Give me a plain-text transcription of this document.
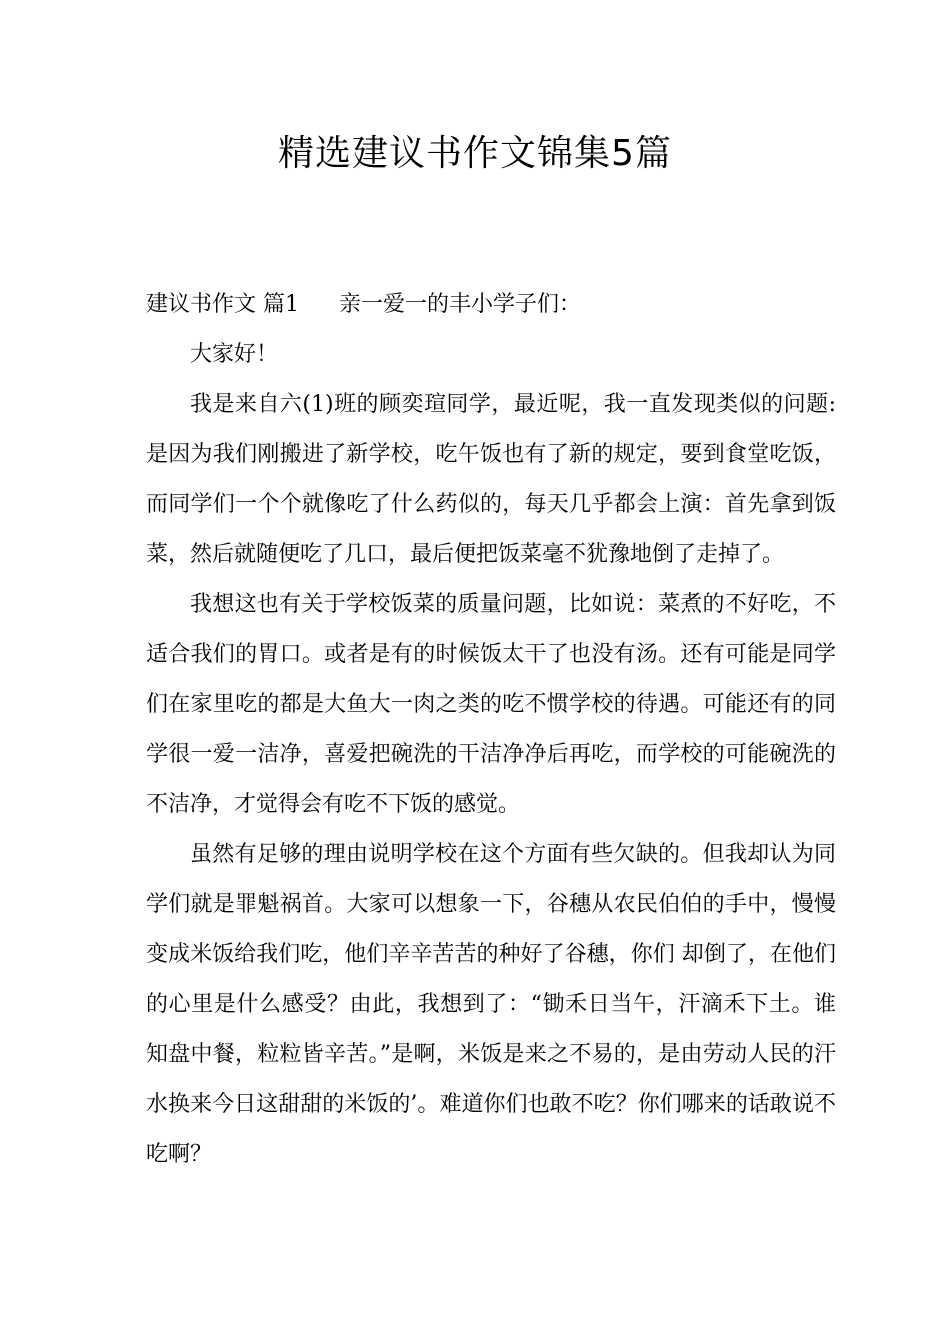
精选建议书作文锦集5篇

建议书作文 篇1 亲一爱一的丰小学子们：

大家好！

我是来自六(1)班的顾奕瑄同学，最近呢，我一直发现类似的问题:是因为我们刚搬进了新学校，吃午饭也有了新的规定，要到食堂吃饭，而同学们一个个就像吃了什么药似的，每天几乎都会上演：首先拿到饭菜，然后就随便吃了几口，最后便把饭菜毫不犹豫地倒了走掉了。

我想这也有关于学校饭菜的质量问题，比如说：菜煮的不好吃，不适合我们的胃口。或者是有的时候饭太干了也没有汤。还有可能是同学们在家里吃的都是大鱼大一肉之类的吃不惯学校的待遇。可能还有的同学很一爱一洁净，喜爱把碗洗的干洁净净后再吃，而学校的可能碗洗的不洁净，才觉得会有吃不下饭的感觉。

虽然有足够的理由说明学校在这个方面有些欠缺的。但我却认为同学们就是罪魁祸首。大家可以想象一下，谷穗从农民伯伯的手中，慢慢变成米饭给我们吃，他们辛辛苦苦的种好了谷穗，你们 却倒了，在他们的心里是什么感受？由此，我想到了：“锄禾日当午，汗滴禾下土。谁知盘中餐，粒粒皆辛苦。”是啊，米饭是来之不易的，是由劳动人民的汗水换来今日这甜甜的米饭的’。难道你们也敢不吃？你们哪来的话敢说不吃啊？
